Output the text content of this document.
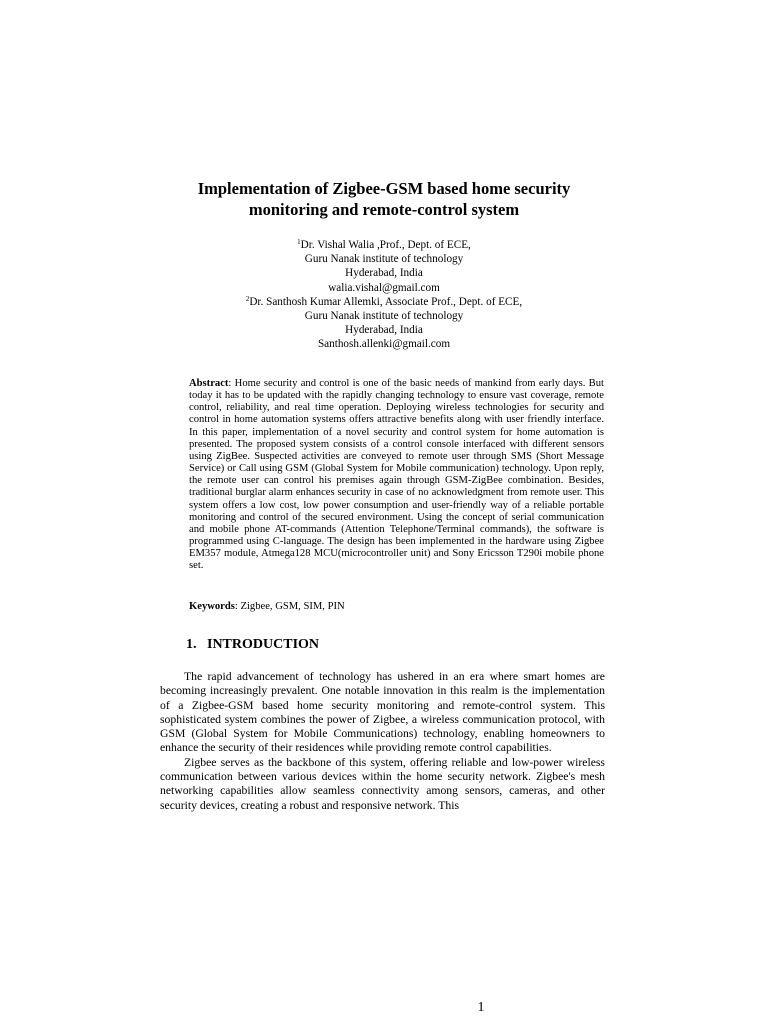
Implementation of Zigbee-GSM based home security
monitoring and remote-control system
$^1$Dr. Vishal Walia ,Prof., Dept. of ECE,
Guru Nanak institute of technology
Hyderabad, India
walia.vishal@gmail.com
$^2$Dr. Santhosh Kumar Allemki, Associate Prof., Dept. of ECE,
Guru Nanak institute of technology
Hyderabad, India
Santhosh.allenki@gmail.com

Abstract: Home security and control is one of the basic needs of mankind from early days. But today it has to be updated with the rapidly changing technology to ensure vast coverage, remote control, reliability, and real time operation. Deploying wireless technologies for security and control in home automation systems offers attractive benefits along with user friendly interface. In this paper, implementation of a novel security and control system for home automation is presented. The proposed system consists of a control console interfaced with different sensors using ZigBee. Suspected activities are conveyed to remote user through SMS (Short Message Service) or Call using GSM (Global System for Mobile communication) technology. Upon reply, the remote user can control his premises again through GSM-ZigBee combination. Besides, traditional burglar alarm enhances security in case of no acknowledgment from remote user. This system offers a low cost, low power consumption and user-friendly way of a reliable portable monitoring and control of the secured environment. Using the concept of serial communication and mobile phone AT-commands (Attention Telephone/Terminal commands), the software is programmed using C-language. The design has been implemented in the hardware using Zigbee EM357 module, Atmega128 MCU(microcontroller unit) and Sony Ericsson T290i mobile phone set.

Keywords: Zigbee, GSM, SIM, PIN

1. INTRODUCTION

The rapid advancement of technology has ushered in an era where smart homes are becoming increasingly prevalent. One notable innovation in this realm is the implementation of a Zigbee-GSM based home security monitoring and remote-control system. This sophisticated system combines the power of Zigbee, a wireless communication protocol, with GSM (Global System for Mobile Communications) technology, enabling homeowners to enhance the security of their residences while providing remote control capabilities.

Zigbee serves as the backbone of this system, offering reliable and low-power wireless communication between various devices within the home security network. Zigbee's mesh networking capabilities allow seamless connectivity among sensors, cameras, and other security devices, creating a robust and responsive network. This

1
